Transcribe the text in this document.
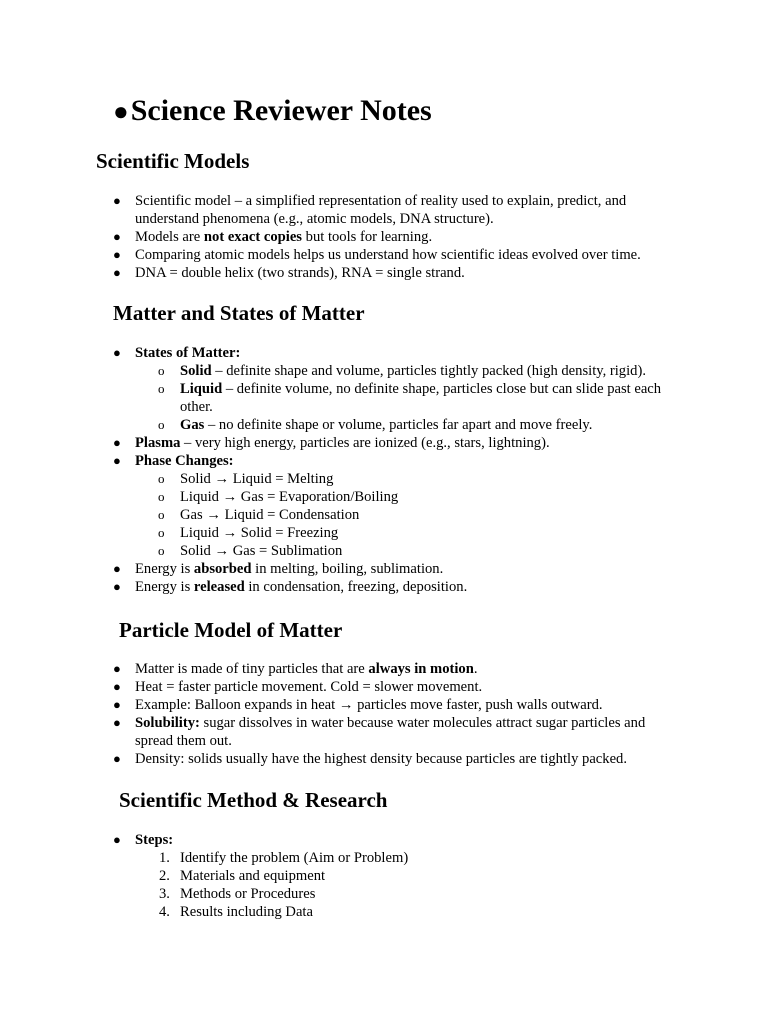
●Science Reviewer Notes
Scientific Models
● Scientific model – a simplified representation of reality used to explain, predict, and understand phenomena (e.g., atomic models, DNA structure).
● Models are not exact copies but tools for learning.
● Comparing atomic models helps us understand how scientific ideas evolved over time.
● DNA = double helix (two strands), RNA = single strand.
Matter and States of Matter
● States of Matter:
o Solid – definite shape and volume, particles tightly packed (high density, rigid).
o Liquid – definite volume, no definite shape, particles close but can slide past each other.
o Gas – no definite shape or volume, particles far apart and move freely.
● Plasma – very high energy, particles are ionized (e.g., stars, lightning).
● Phase Changes:
o Solid → Liquid = Melting
o Liquid → Gas = Evaporation/Boiling
o Gas → Liquid = Condensation
o Liquid → Solid = Freezing
o Solid → Gas = Sublimation
● Energy is absorbed in melting, boiling, sublimation.
● Energy is released in condensation, freezing, deposition.
Particle Model of Matter
● Matter is made of tiny particles that are always in motion.
● Heat = faster particle movement. Cold = slower movement.
● Example: Balloon expands in heat → particles move faster, push walls outward.
● Solubility: sugar dissolves in water because water molecules attract sugar particles and spread them out.
● Density: solids usually have the highest density because particles are tightly packed.
Scientific Method & Research
● Steps:
1. Identify the problem (Aim or Problem)
2. Materials and equipment
3. Methods or Procedures
4. Results including Data
